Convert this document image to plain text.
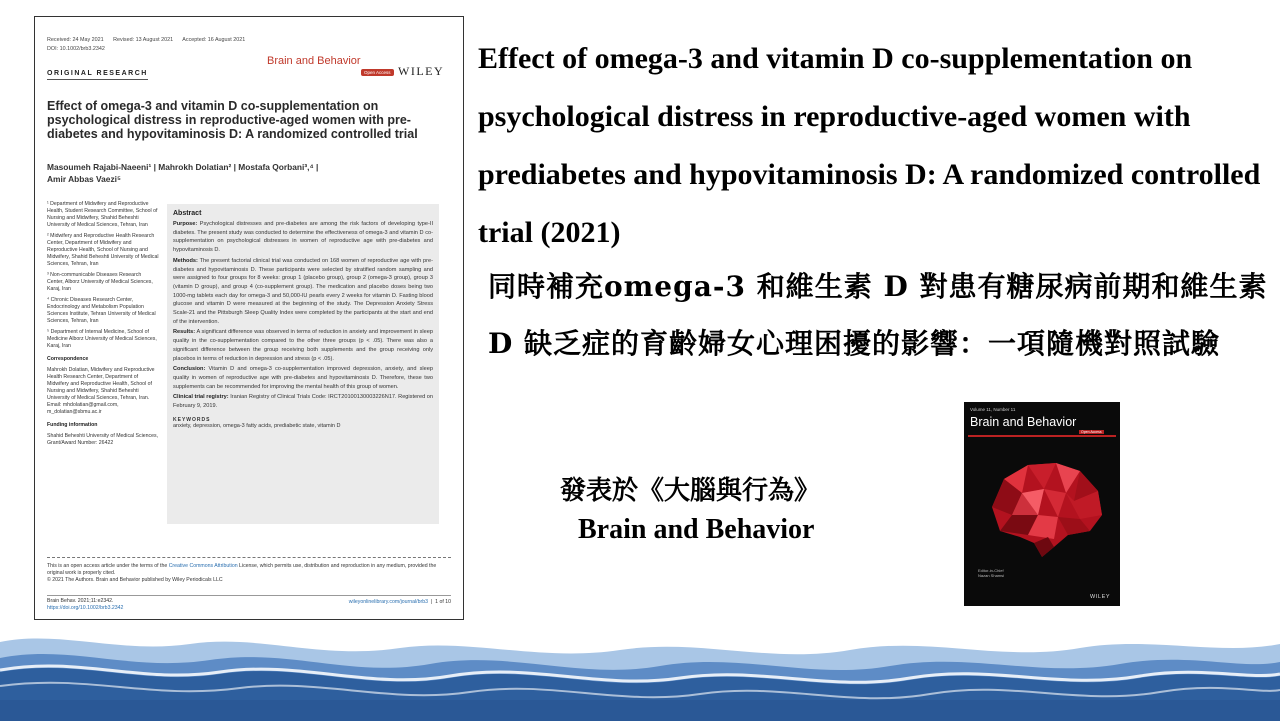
Received: 24 May 2021 Revised: 13 August 2021 Accepted: 16 August 2021
DOI: 10.1002/brb3.2342
ORIGINAL RESEARCH
Brain and Behavior
Open Access WILEY
Effect of omega-3 and vitamin D co-supplementation on psychological distress in reproductive-aged women with pre-diabetes and hypovitaminosis D: A randomized controlled trial
Masoumeh Rajabi-Naeeni¹ | Mahrokh Dolatian² | Mostafa Qorbani³,⁴ |
Amir Abbas Vaezi⁵

¹ Department of Midwifery and Reproductive Health, Student Research Committee, School of Nursing and Midwifery, Shahid Beheshti University of Medical Sciences, Tehran, Iran

² Midwifery and Reproductive Health Research Center, Department of Midwifery and Reproductive Health, School of Nursing and Midwifery, Shahid Beheshti University of Medical Sciences, Tehran, Iran

³ Non-communicable Diseases Research Center, Alborz University of Medical Sciences, Karaj, Iran

⁴ Chronic Diseases Research Center, Endocrinology and Metabolism Population Sciences Institute, Tehran University of Medical Sciences, Tehran, Iran

⁵ Department of Internal Medicine, School of Medicine Alborz University of Medical Sciences, Karaj, Iran

Correspondence

Mahrokh Dolatian, Midwifery and Reproductive Health Research Center, Department of Midwifery and Reproductive Health, School of Nursing and Midwifery, Shahid Beheshti University of Medical Sciences, Tehran, Iran. Email: mhdolatian@gmail.com, m_dolatian@sbmu.ac.ir

Funding information

Shahid Beheshti University of Medical Sciences, Grant/Award Number: 26422

Abstract

Purpose: Psychological distresses and pre-diabetes are among the risk factors of developing type-II diabetes. The present study was conducted to determine the effectiveness of omega-3 and vitamin D co-supplementation on psychological distresses in women of reproductive age with pre-diabetes and hypovitaminosis D.

Methods: The present factorial clinical trial was conducted on 168 women of reproductive age with pre-diabetes and hypovitaminosis D. These participants were selected by stratified random sampling and were assigned to four groups for 8 weeks: group 1 (placebo group), group 2 (omega-3 group), group 3 (vitamin D group), and group 4 (co-supplement group). The medication and placebo doses being two 1000-mg tablets each day for omega-3 and 50,000-IU pearls every 2 weeks for vitamin D. Fasting blood glucose and vitamin D were measured at the beginning of the study. The Depression Anxiety Stress Scale-21 and the Pittsburgh Sleep Quality Index were completed by the participants at the start and end of the intervention.

Results: A significant difference was observed in terms of reduction in anxiety and improvement in sleep quality in the co-supplementation compared to the other three groups (p < .05). There was also a significant difference between the group receiving both supplements and the group receiving only placebos in terms of reduction in depression and stress (p < .05).

Conclusion: Vitamin D and omega-3 co-supplementation improved depression, anxiety, and sleep quality in women of reproductive age with pre-diabetes and hypovitaminosis D. Therefore, these two supplements can be recommended for improving the mental health of this group of women.

Clinical trial registry: Iranian Registry of Clinical Trials Code: IRCT20100130003226N17. Registered on February 9, 2019.

KEYWORDS
anxiety, depression, omega-3 fatty acids, prediabetic state, vitamin D
This is an open access article under the terms of the Creative Commons Attribution License, which permits use, distribution and reproduction in any medium, provided the original work is properly cited.
© 2021 The Authors. Brain and Behavior published by Wiley Periodicals LLC
Brain Behav. 2021;11:e2342.
https://doi.org/10.1002/brb3.2342
wileyonlinelibrary.com/journal/brb3  |  1 of 10

Effect of omega-3 and vitamin D co-supplementation on psychological distress in reproductive-aged women with prediabetes and hypovitaminosis D: A randomized controlled trial (2021)

同時補充omega-3 和維生素 D 對患有糖尿病前期和維生素 D 缺乏症的育齡婦女心理困擾的影響：一項隨機對照試驗

發表於《大腦與行為》
Brain and Behavior
Volume 11, Number 11
Brain and Behavior
Open Access
Editor-in-Chief
Nazan Shamsi
WILEY
